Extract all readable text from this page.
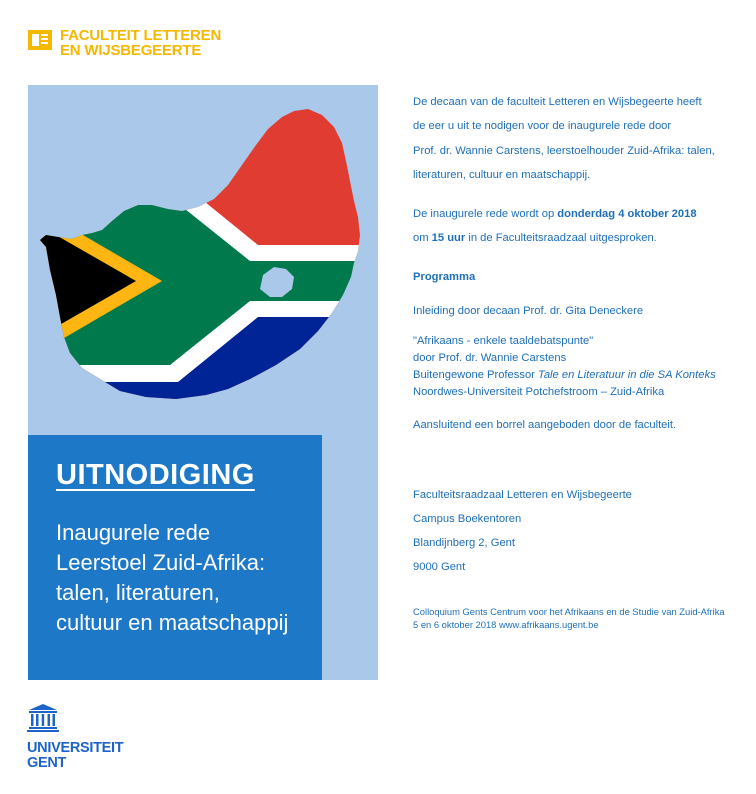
FACULTEIT LETTEREN
EN WIJSBEGEERTE
UITNODIGING
Inaugurele rede
Leerstoel Zuid-Afrika:
talen, literaturen,
cultuur en maatschappij

De decaan van de faculteit Letteren en Wijsbegeerte heeft

de eer u uit te nodigen voor de inaugurele rede door

Prof. dr. Wannie Carstens, leerstoelhouder Zuid-Afrika: talen,

literaturen, cultuur en maatschappij.

De inaugurele rede wordt op donderdag 4 oktober 2018

om 15 uur in de Faculteitsraadzaal uitgesproken.

Programma

Inleiding door decaan Prof. dr. Gita Deneckere

"Afrikaans - enkele taaldebatspunte"

door Prof. dr. Wannie Carstens

Buitengewone Professor Tale en Literatuur in die SA Konteks

Noordwes-Universiteit Potchefstroom – Zuid-Afrika

Aansluitend een borrel aangeboden door de faculteit.

Faculteitsraadzaal Letteren en Wijsbegeerte

Campus Boekentoren

Blandijnberg 2, Gent

9000 Gent

Colloquium Gents Centrum voor het Afrikaans en de Studie van Zuid-Afrika

5 en 6 oktober 2018 www.afrikaans.ugent.be

UNIVERSITEIT
GENT
